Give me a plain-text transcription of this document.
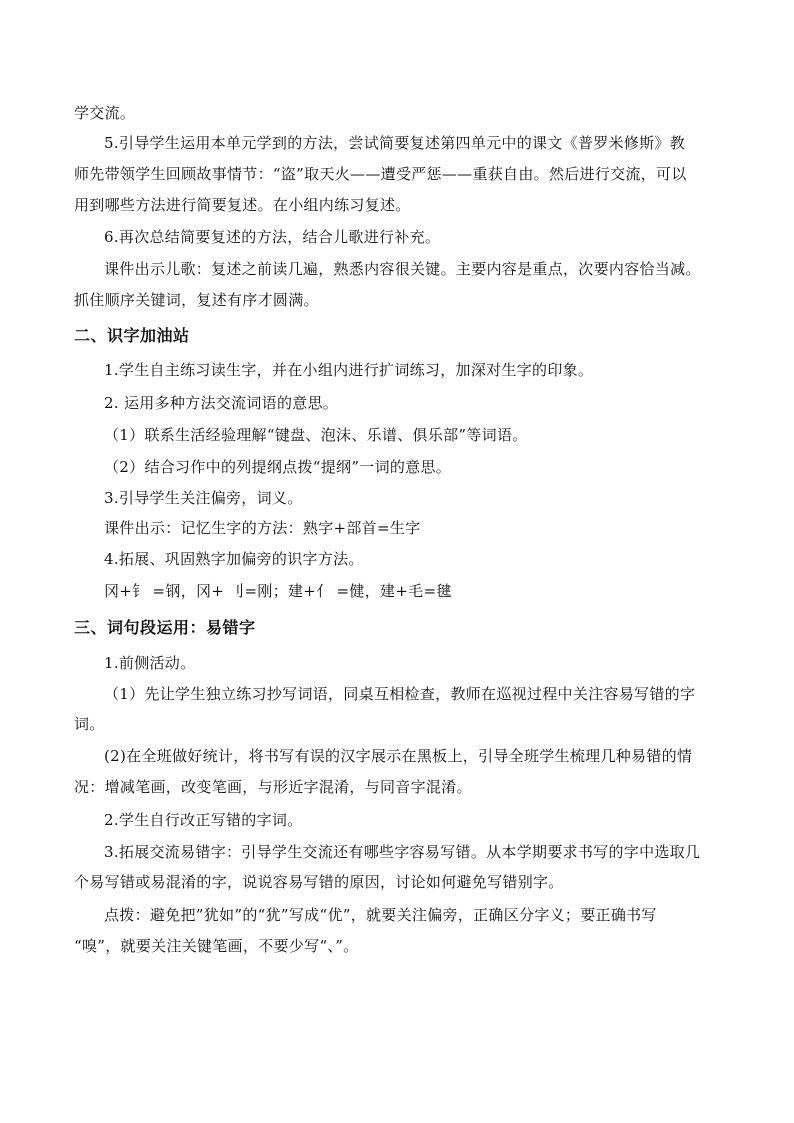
学交流。
5.引导学生运用本单元学到的方法，尝试简要复述第四单元中的课文《普罗米修斯》教
师先带领学生回顾故事情节：“盗”取天火——遭受严惩——重获自由。然后进行交流，可以
用到哪些方法进行简要复述。在小组内练习复述。
6.再次总结简要复述的方法，结合儿歌进行补充。
课件出示儿歌：复述之前读几遍，熟悉内容很关键。主要内容是重点，次要内容恰当减。
抓住顺序关键词，复述有序才圆满。
二、识字加油站
1.学生自主练习读生字，并在小组内进行扩词练习，加深对生字的印象。
2. 运用多种方法交流词语的意思。
（1）联系生活经验理解“键盘、泡沫、乐谱、俱乐部”等词语。
（2）结合习作中的列提纲点拨“提纲”一词的意思。
3.引导学生关注偏旁，词义。
课件出示：记忆生字的方法：熟字+部首=生字
4.拓展、巩固熟字加偏旁的识字方法。
冈+钅 =钢，冈+ 刂=刚；建+亻 =健，建+毛=毽
三、词句段运用：易错字
1.前侧活动。
（1）先让学生独立练习抄写词语，同桌互相检查，教师在巡视过程中关注容易写错的字
词。
(2)在全班做好统计，将书写有误的汉字展示在黑板上，引导全班学生梳理几种易错的情
况：增减笔画，改变笔画，与形近字混淆，与同音字混淆。
2.学生自行改正写错的字词。
3.拓展交流易错字：引导学生交流还有哪些字容易写错。从本学期要求书写的字中选取几
个易写错或易混淆的字，说说容易写错的原因，讨论如何避免写错别字。
点拨：避免把”犹如”的“犹”写成“优”，就要关注偏旁，正确区分字义；要正确书写
“嗅”，就要关注关键笔画，不要少写“、”。
